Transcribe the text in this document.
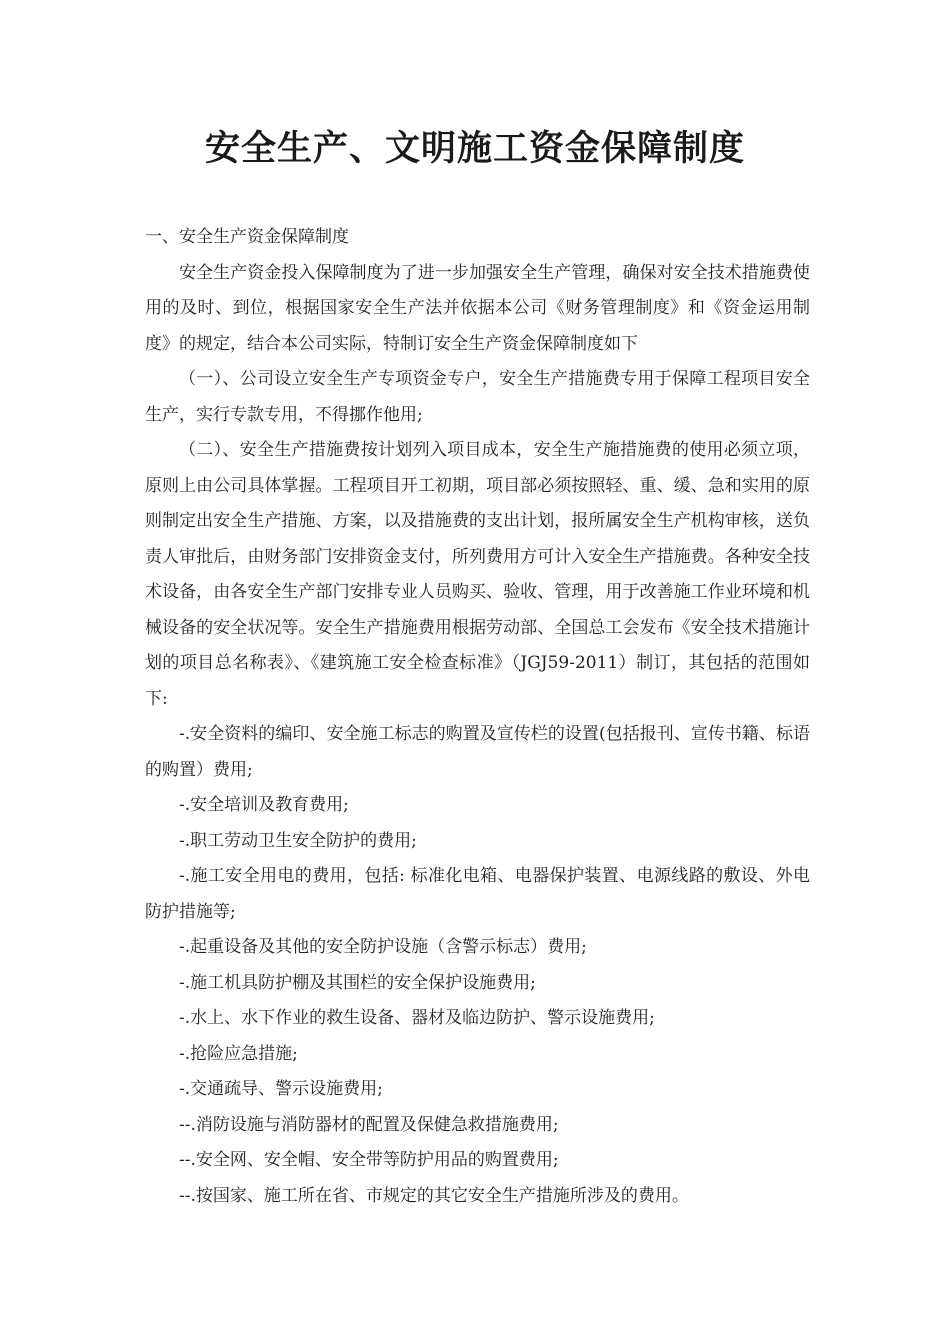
安全生产、文明施工资金保障制度

一、安全生产资金保障制度

安全生产资金投入保障制度为了进一步加强安全生产管理，确保对安全技术措施费使用的及时、到位，根据国家安全生产法并依据本公司《财务管理制度》和《资金运用制度》的规定，结合本公司实际，特制订安全生产资金保障制度如下

（一）、公司设立安全生产专项资金专户，安全生产措施费专用于保障工程项目安全生产，实行专款专用，不得挪作他用;

（二）、安全生产措施费按计划列入项目成本，安全生产施措施费的使用必须立项，原则上由公司具体掌握。工程项目开工初期，项目部必须按照轻、重、缓、急和实用的原则制定出安全生产措施、方案，以及措施费的支出计划，报所属安全生产机构审核，送负责人审批后，由财务部门安排资金支付，所列费用方可计入安全生产措施费。各种安全技术设备，由各安全生产部门安排专业人员购买、验收、管理，用于改善施工作业环境和机械设备的安全状况等。安全生产措施费用根据劳动部、全国总工会发布《安全技术措施计划的项目总名称表》、《建筑施工安全检查标准》（JGJ59-2011）制订，其包括的范围如下:

-.安全资料的编印、安全施工标志的购置及宣传栏的设置(包括报刊、宣传书籍、标语的购置）费用;

-.安全培训及教育费用;

-.职工劳动卫生安全防护的费用;

-.施工安全用电的费用，包括: 标准化电箱、电器保护装置、电源线路的敷设、外电防护措施等;

-.起重设备及其他的安全防护设施（含警示标志）费用;

-.施工机具防护棚及其围栏的安全保护设施费用;

-.水上、水下作业的救生设备、器材及临边防护、警示设施费用;

-.抢险应急措施;

-.交通疏导、警示设施费用;

--.消防设施与消防器材的配置及保健急救措施费用;

--.安全网、安全帽、安全带等防护用品的购置费用;

--.按国家、施工所在省、市规定的其它安全生产措施所涉及的费用。
